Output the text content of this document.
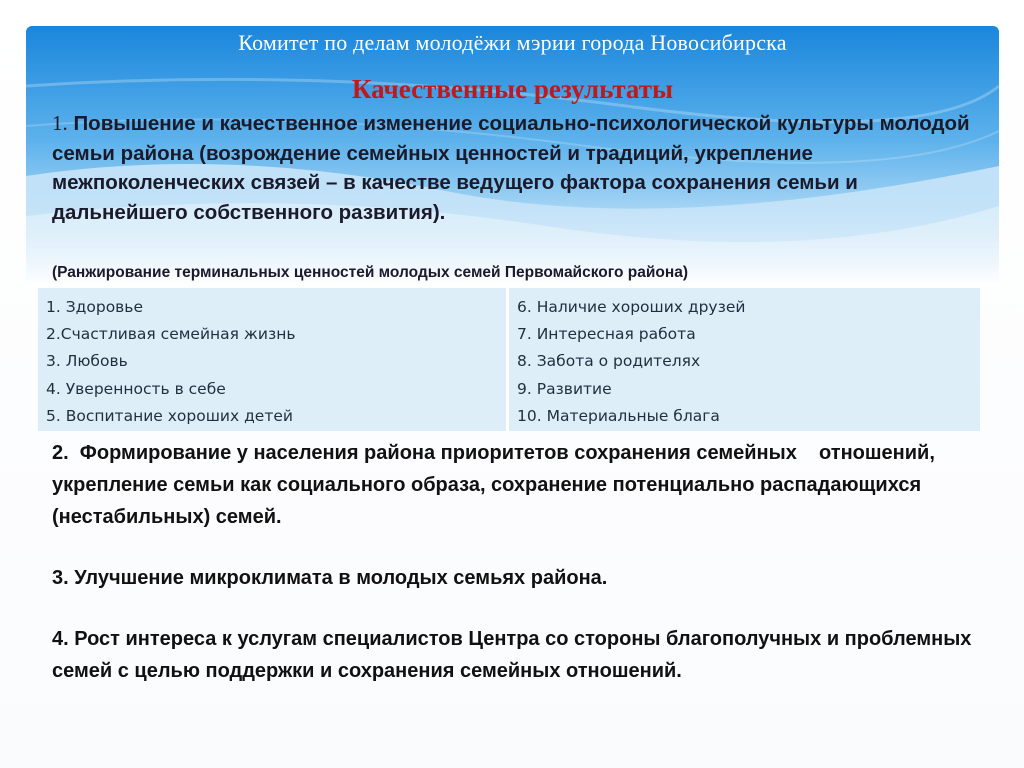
Комитет по делам молодёжи мэрии города Новосибирска
Качественные результаты
1. Повышение и качественное изменение социально-психологической культуры молодой семьи района (возрождение семейных ценностей и традиций, укрепление межпоколенческих связей – в качестве ведущего фактора сохранения семьи и дальнейшего собственного развития).
(Ранжирование терминальных ценностей молодых семей Первомайского района)
1. Здоровье
2.Счастливая семейная жизнь
3. Любовь
4. Уверенность в себе
5. Воспитание хороших детей
6. Наличие хороших друзей
7. Интересная работа
8. Забота о родителях
9. Развитие
10. Материальные блага
2.  Формирование у населения района приоритетов сохранения семейных    отношений, укрепление семьи как социального образа, сохранение потенциально распадающихся (нестабильных) семей.
3. Улучшение микроклимата в молодых семьях района.
4. Рост интереса к услугам специалистов Центра со стороны благополучных и проблемных семей с целью поддержки и сохранения семейных отношений.
